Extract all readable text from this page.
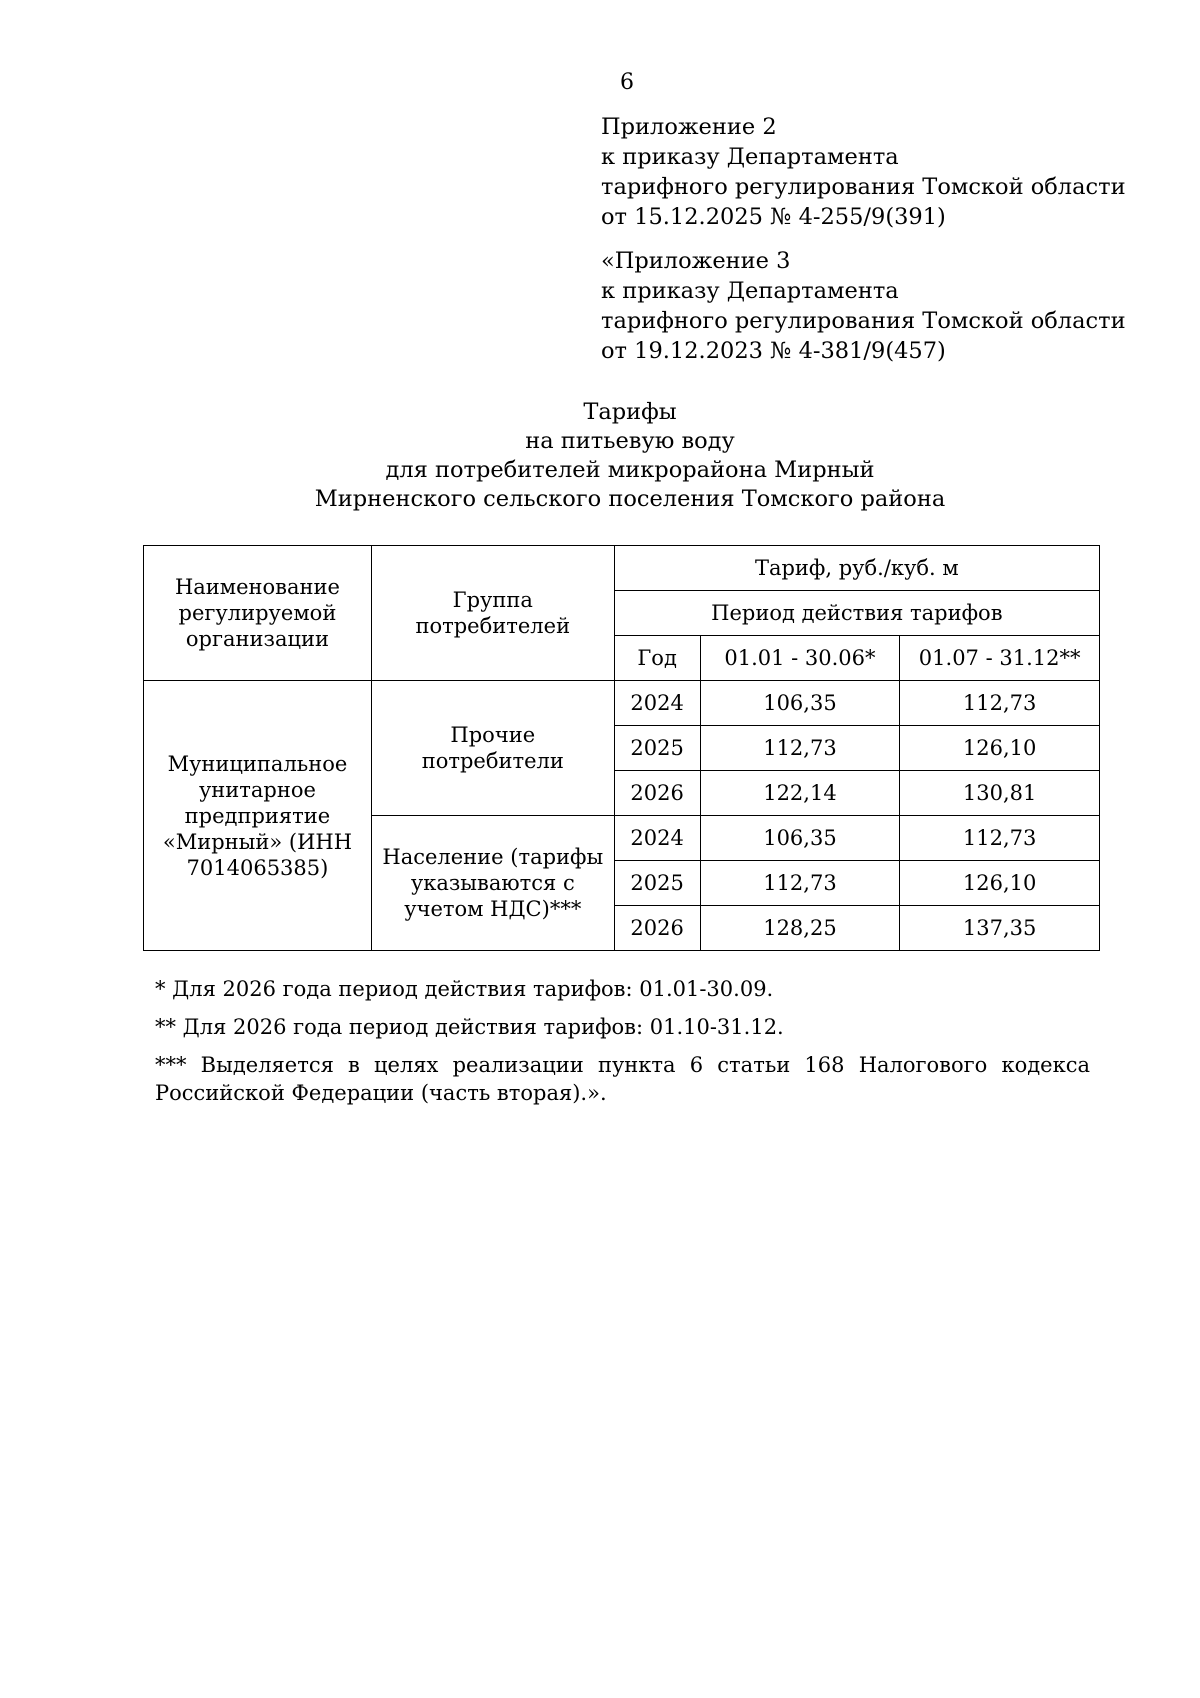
6
Приложение 2
к приказу Департамента
тарифного регулирования Томской области
от 15.12.2025 № 4-255/9(391)
«Приложение 3
к приказу Департамента
тарифного регулирования Томской области
от 19.12.2023 № 4-381/9(457)
Тарифы
на питьевую воду
для потребителей микрорайона Мирный
Мирненского сельского поселения Томского района
Наименование регулируемой организации	Группа потребителей	Тариф, руб./куб. м		
		Период действия тарифов		
		Год	01.01 - 30.06*	01.07 - 31.12**
Муниципальное унитарное предприятие «Мирный» (ИНН 7014065385)	Прочие потребители	2024	106,35	112,73
		2025	112,73	126,10
		2026	122,14	130,81
	Население (тарифы указываются с учетом НДС)***	2024	106,35	112,73
		2025	112,73	126,10
		2026	128,25	137,35

* Для 2026 года период действия тарифов: 01.01-30.09.

** Для 2026 года период действия тарифов: 01.10-31.12.

*** Выделяется в целях реализации пункта 6 статьи 168 Налогового кодекса Российской Федерации (часть вторая).».
